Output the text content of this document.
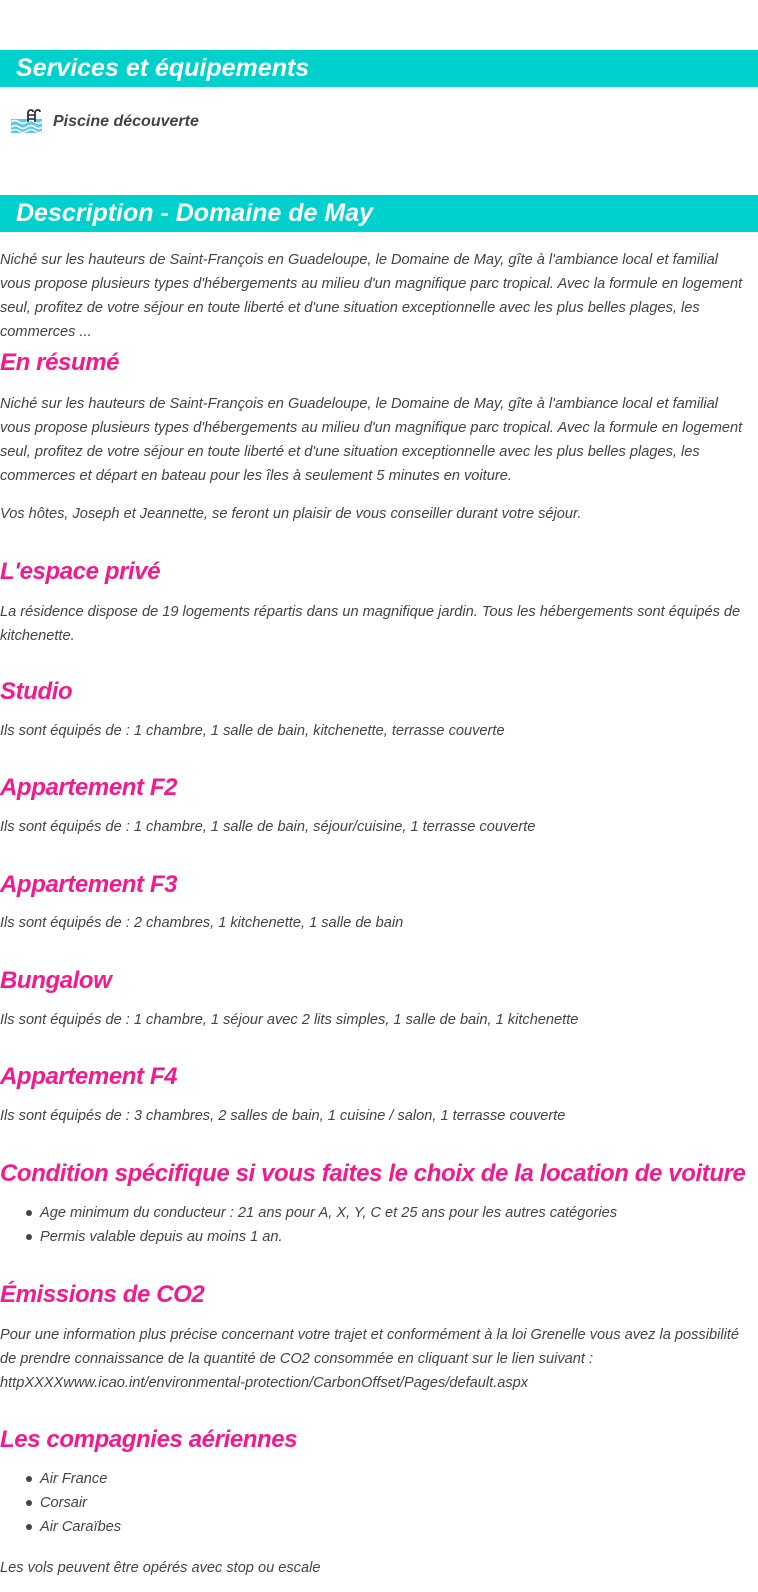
Services et équipements
Piscine découverte
Description - Domaine de May

Niché sur les hauteurs de Saint-François en Guadeloupe, le Domaine de May, gîte à l'ambiance local et familial vous propose plusieurs types d'hébergements au milieu d'un magnifique parc tropical. Avec la formule en logement seul, profitez de votre séjour en toute liberté et d'une situation exceptionnelle avec les plus belles plages, les commerces ...

En résumé

Niché sur les hauteurs de Saint-François en Guadeloupe, le Domaine de May, gîte à l'ambiance local et familial vous propose plusieurs types d'hébergements au milieu d'un magnifique parc tropical. Avec la formule en logement seul, profitez de votre séjour en toute liberté et d'une situation exceptionnelle avec les plus belles plages, les commerces et départ en bateau pour les îles à seulement 5 minutes en voiture.

Vos hôtes, Joseph et Jeannette, se feront un plaisir de vous conseiller durant votre séjour.

L'espace privé

La résidence dispose de 19 logements répartis dans un magnifique jardin. Tous les hébergements sont équipés de kitchenette.

Studio

Ils sont équipés de : 1 chambre, 1 salle de bain, kitchenette, terrasse couverte

Appartement F2

Ils sont équipés de : 1 chambre, 1 salle de bain, séjour/cuisine, 1 terrasse couverte

Appartement F3

Ils sont équipés de : 2 chambres, 1 kitchenette, 1 salle de bain

Bungalow

Ils sont équipés de : 1 chambre, 1 séjour avec 2 lits simples, 1 salle de bain, 1 kitchenette

Appartement F4

Ils sont équipés de : 3 chambres, 2 salles de bain, 1 cuisine / salon, 1 terrasse couverte

Condition spécifique si vous faites le choix de la location de voiture
Age minimum du conducteur : 21 ans pour A, X, Y, C et 25 ans pour les autres catégories
Permis valable depuis au moins 1 an.
Émissions de CO2

Pour une information plus précise concernant votre trajet et conformément à la loi Grenelle vous avez la possibilité de prendre connaissance de la quantité de CO2 consommée en cliquant sur le lien suivant : httpXXXXwww.icao.int/environmental-protection/CarbonOffset/Pages/default.aspx

Les compagnies aériennes
Air France
Corsair
Air Caraïbes

Les vols peuvent être opérés avec stop ou escale
